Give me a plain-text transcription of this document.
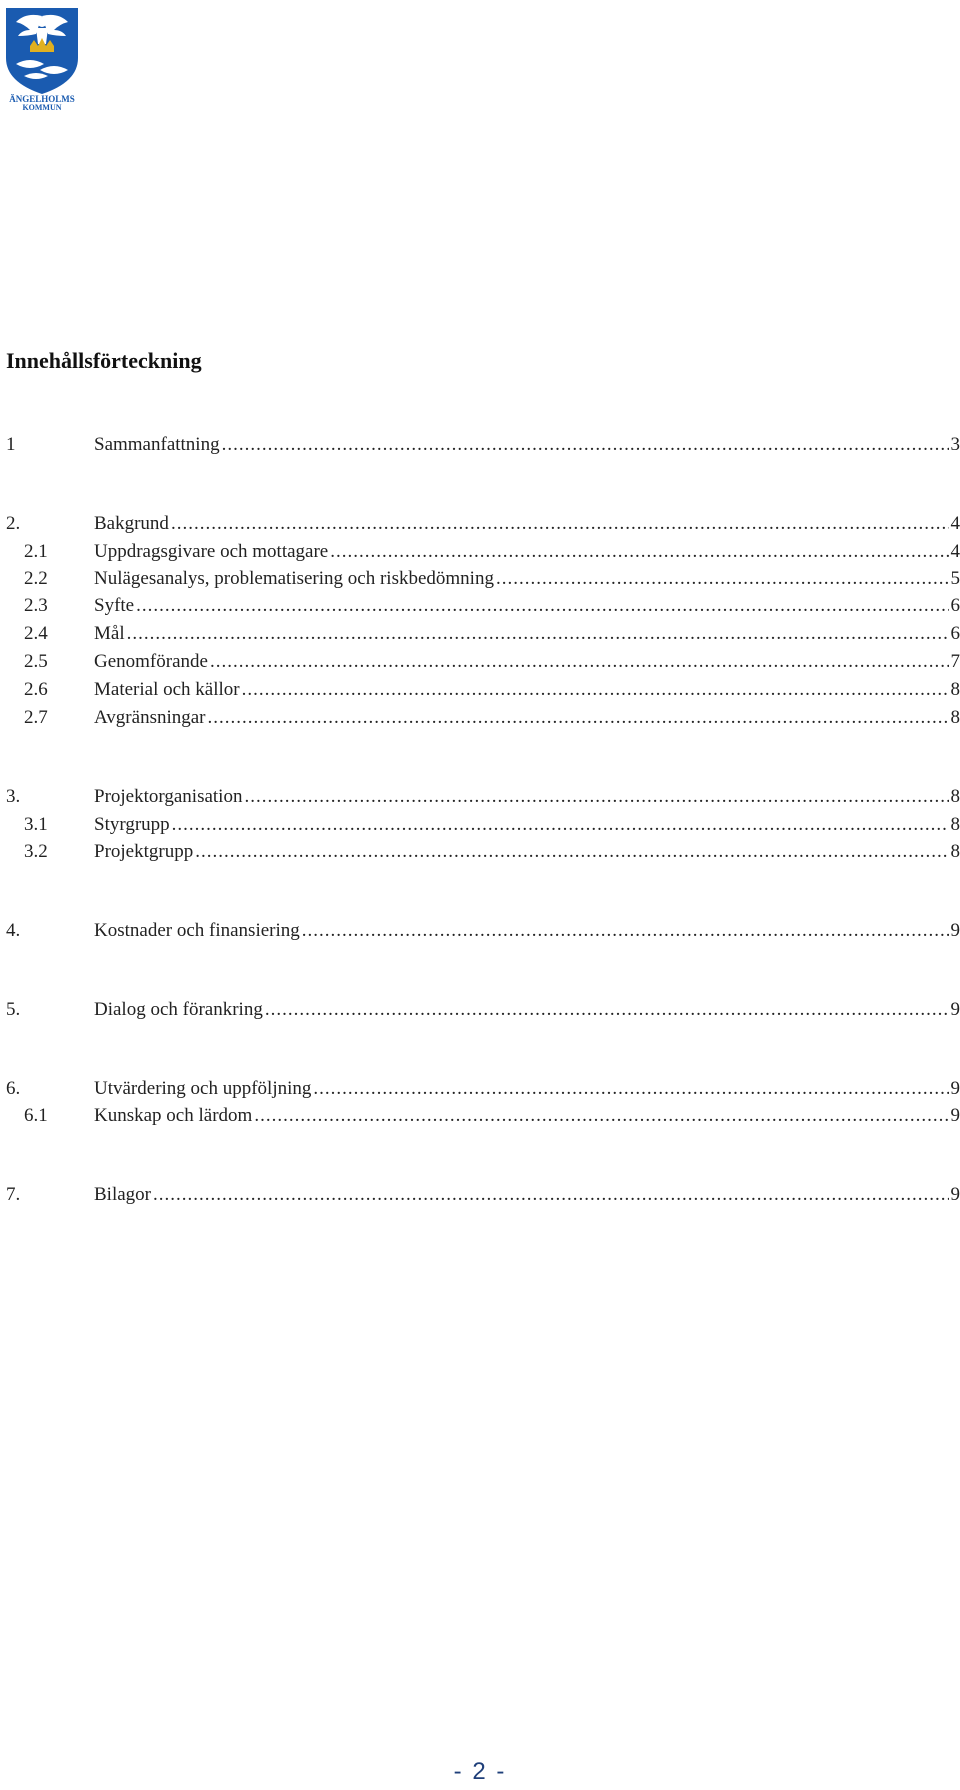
ÄNGELHOLMS
KOMMUN
Innehållsförteckning
1	Sammanfattning .....	3
2.	Bakgrund .....	4
2.1	Uppdragsgivare och mottagare .....	4
2.2	Nulägesanalys, problematisering och riskbedömning .....	5
2.3	Syfte .....	6
2.4	Mål .....	6
2.5	Genomförande .....	7
2.6	Material och källor .....	8
2.7	Avgränsningar .....	8
3.	Projektorganisation .....	8
3.1	Styrgrupp .....	8
3.2	Projektgrupp .....	8
4.	Kostnader och finansiering .....	9
5.	Dialog och förankring .....	9
6.	Utvärdering och uppföljning .....	9
6.1	Kunskap och lärdom .....	9
7.	Bilagor .....	9
- 2 -
